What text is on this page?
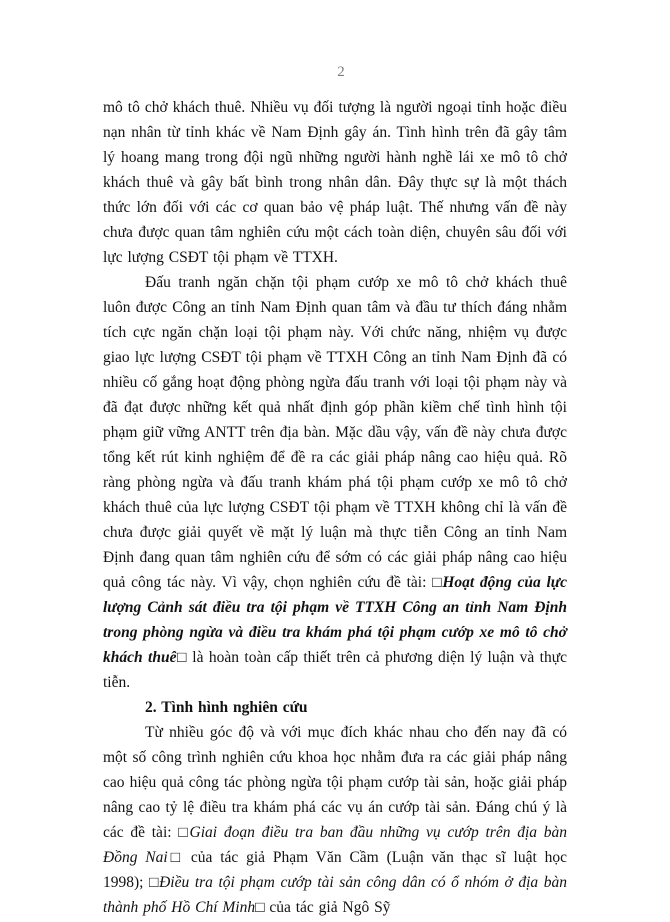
2

mô tô chở khách thuê. Nhiều vụ đối tượng là người ngoại tỉnh hoặc điều nạn nhân từ tỉnh khác về Nam Định gây án. Tình hình trên đã gây tâm lý hoang mang trong đội ngũ những người hành nghề lái xe mô tô chở khách thuê và gây bất bình trong nhân dân. Đây thực sự là một thách thức lớn đối với các cơ quan bảo vệ pháp luật. Thế nhưng vấn đề này chưa được quan tâm nghiên cứu một cách toàn diện, chuyên sâu đối với lực lượng CSĐT tội phạm về TTXH.

Đấu tranh ngăn chặn tội phạm cướp xe mô tô chở khách thuê luôn được Công an tỉnh Nam Định quan tâm và đầu tư thích đáng nhằm tích cực ngăn chặn loại tội phạm này. Với chức năng, nhiệm vụ được giao lực lượng CSĐT tội phạm về TTXH Công an tỉnh Nam Định đã có nhiều cố gắng hoạt động phòng ngừa đấu tranh với loại tội phạm này và đã đạt được những kết quả nhất định góp phần kiềm chế tình hình tội phạm giữ vững ANTT trên địa bàn. Mặc dầu vậy, vấn đề này chưa được tổng kết rút kinh nghiệm để đề ra các giải pháp nâng cao hiệu quả. Rõ ràng phòng ngừa và đấu tranh khám phá tội phạm cướp xe mô tô chở khách thuê của lực lượng CSĐT tội phạm về TTXH không chỉ là vấn đề chưa được giải quyết về mặt lý luận mà thực tiễn Công an tỉnh Nam Định đang quan tâm nghiên cứu để sớm có các giải pháp nâng cao hiệu quả công tác này. Vì vậy, chọn nghiên cứu đề tài: □Hoạt động của lực lượng Cảnh sát điều tra tội phạm về TTXH Công an tỉnh Nam Định trong phòng ngừa và điều tra khám phá tội phạm cướp xe mô tô chở khách thuê□ là hoàn toàn cấp thiết trên cả phương diện lý luận và thực tiễn.

2. Tình hình nghiên cứu

Từ nhiều góc độ và với mục đích khác nhau cho đến nay đã có một số công trình nghiên cứu khoa học nhằm đưa ra các giải pháp nâng cao hiệu quả công tác phòng ngừa tội phạm cướp tài sản, hoặc giải pháp nâng cao tỷ lệ điều tra khám phá các vụ án cướp tài sản. Đáng chú ý là các đề tài: □Giai đoạn điều tra ban đầu những vụ cướp trên địa bàn Đồng Nai□ của tác giả Phạm Văn Cầm (Luận văn thạc sĩ luật học 1998); □Điều tra tội phạm cướp tài sản công dân có ổ nhóm ở địa bàn thành phố Hồ Chí Minh□ của tác giả Ngô Sỹ
